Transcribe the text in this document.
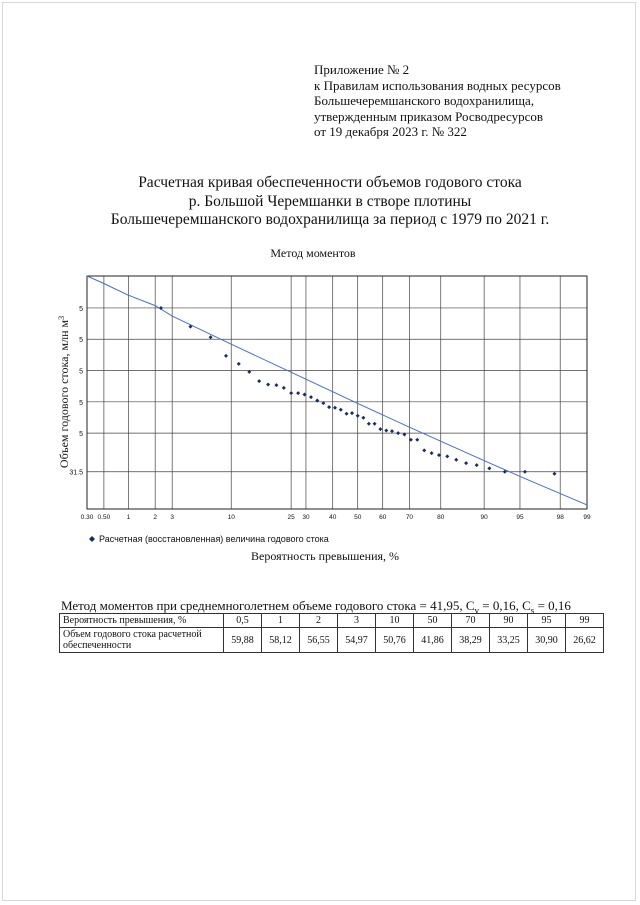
Приложение № 2
к Правилам использования водных ресурсов
Большечеремшанского водохранилища,
утвержденным приказом Росводресурсов
от 19 декабря 2023 г. № 322
Расчетная кривая обеспеченности объемов годового стока
р. Большой Черемшанки в створе плотины
Большечеремшанского водохранилища за период с 1979 по 2021 г.
Метод моментов
5
5
5
5
5
31.5
0.30 0.50	1	2 3	10	25 30	40	50	60	70	80	90	95	98	99
Объем годового стока, млн $м^3$
Расчетная (восстановленная) величина годового стока
Вероятность превышения, %
Метод моментов при среднемноголетнем объеме годового стока = 41,95, $C_v = 0,16$, $C_s = 0,16$
Вероятность превышения, %	0,5	1	2	3	10	50	70	90	95	99
Объем годового стока расчетной обеспеченности	59,88	58,12	56,55	54,97	50,76	41,86	38,29	33,25	30,90	26,62
